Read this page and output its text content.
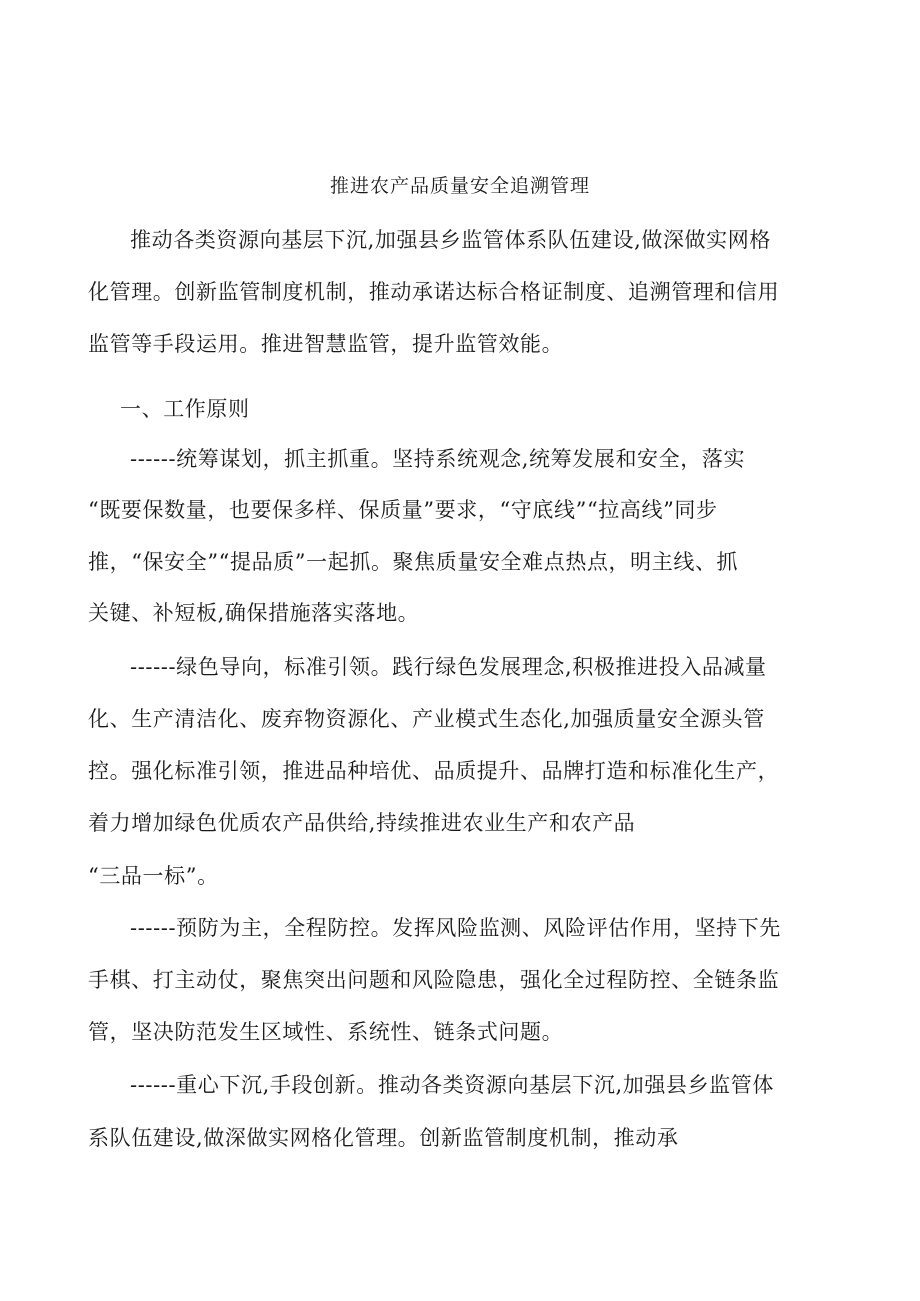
推进农产品质量安全追溯管理
推动各类资源向基层下沉,加强县乡监管体系队伍建设,做深做实网格
化管理。创新监管制度机制，推动承诺达标合格证制度、追溯管理和信用
监管等手段运用。推进智慧监管，提升监管效能。
一、工作原则
------统筹谋划，抓主抓重。坚持系统观念,统筹发展和安全，落实
“既要保数量，也要保多样、保质量”要求，“守底线”“拉高线”同步
推，“保安全”“提品质”一起抓。聚焦质量安全难点热点，明主线、抓
关键、补短板,确保措施落实落地。
------绿色导向，标准引领。践行绿色发展理念,积极推进投入品减量
化、生产清洁化、废弃物资源化、产业模式生态化,加强质量安全源头管
控。强化标准引领，推进品种培优、品质提升、品牌打造和标准化生产，
着力增加绿色优质农产品供给,持续推进农业生产和农产品
“三品一标”。
------预防为主，全程防控。发挥风险监测、风险评估作用，坚持下先
手棋、打主动仗，聚焦突出问题和风险隐患，强化全过程防控、全链条监
管，坚决防范发生区域性、系统性、链条式问题。
------重心下沉,手段创新。推动各类资源向基层下沉,加强县乡监管体
系队伍建设,做深做实网格化管理。创新监管制度机制，推动承
